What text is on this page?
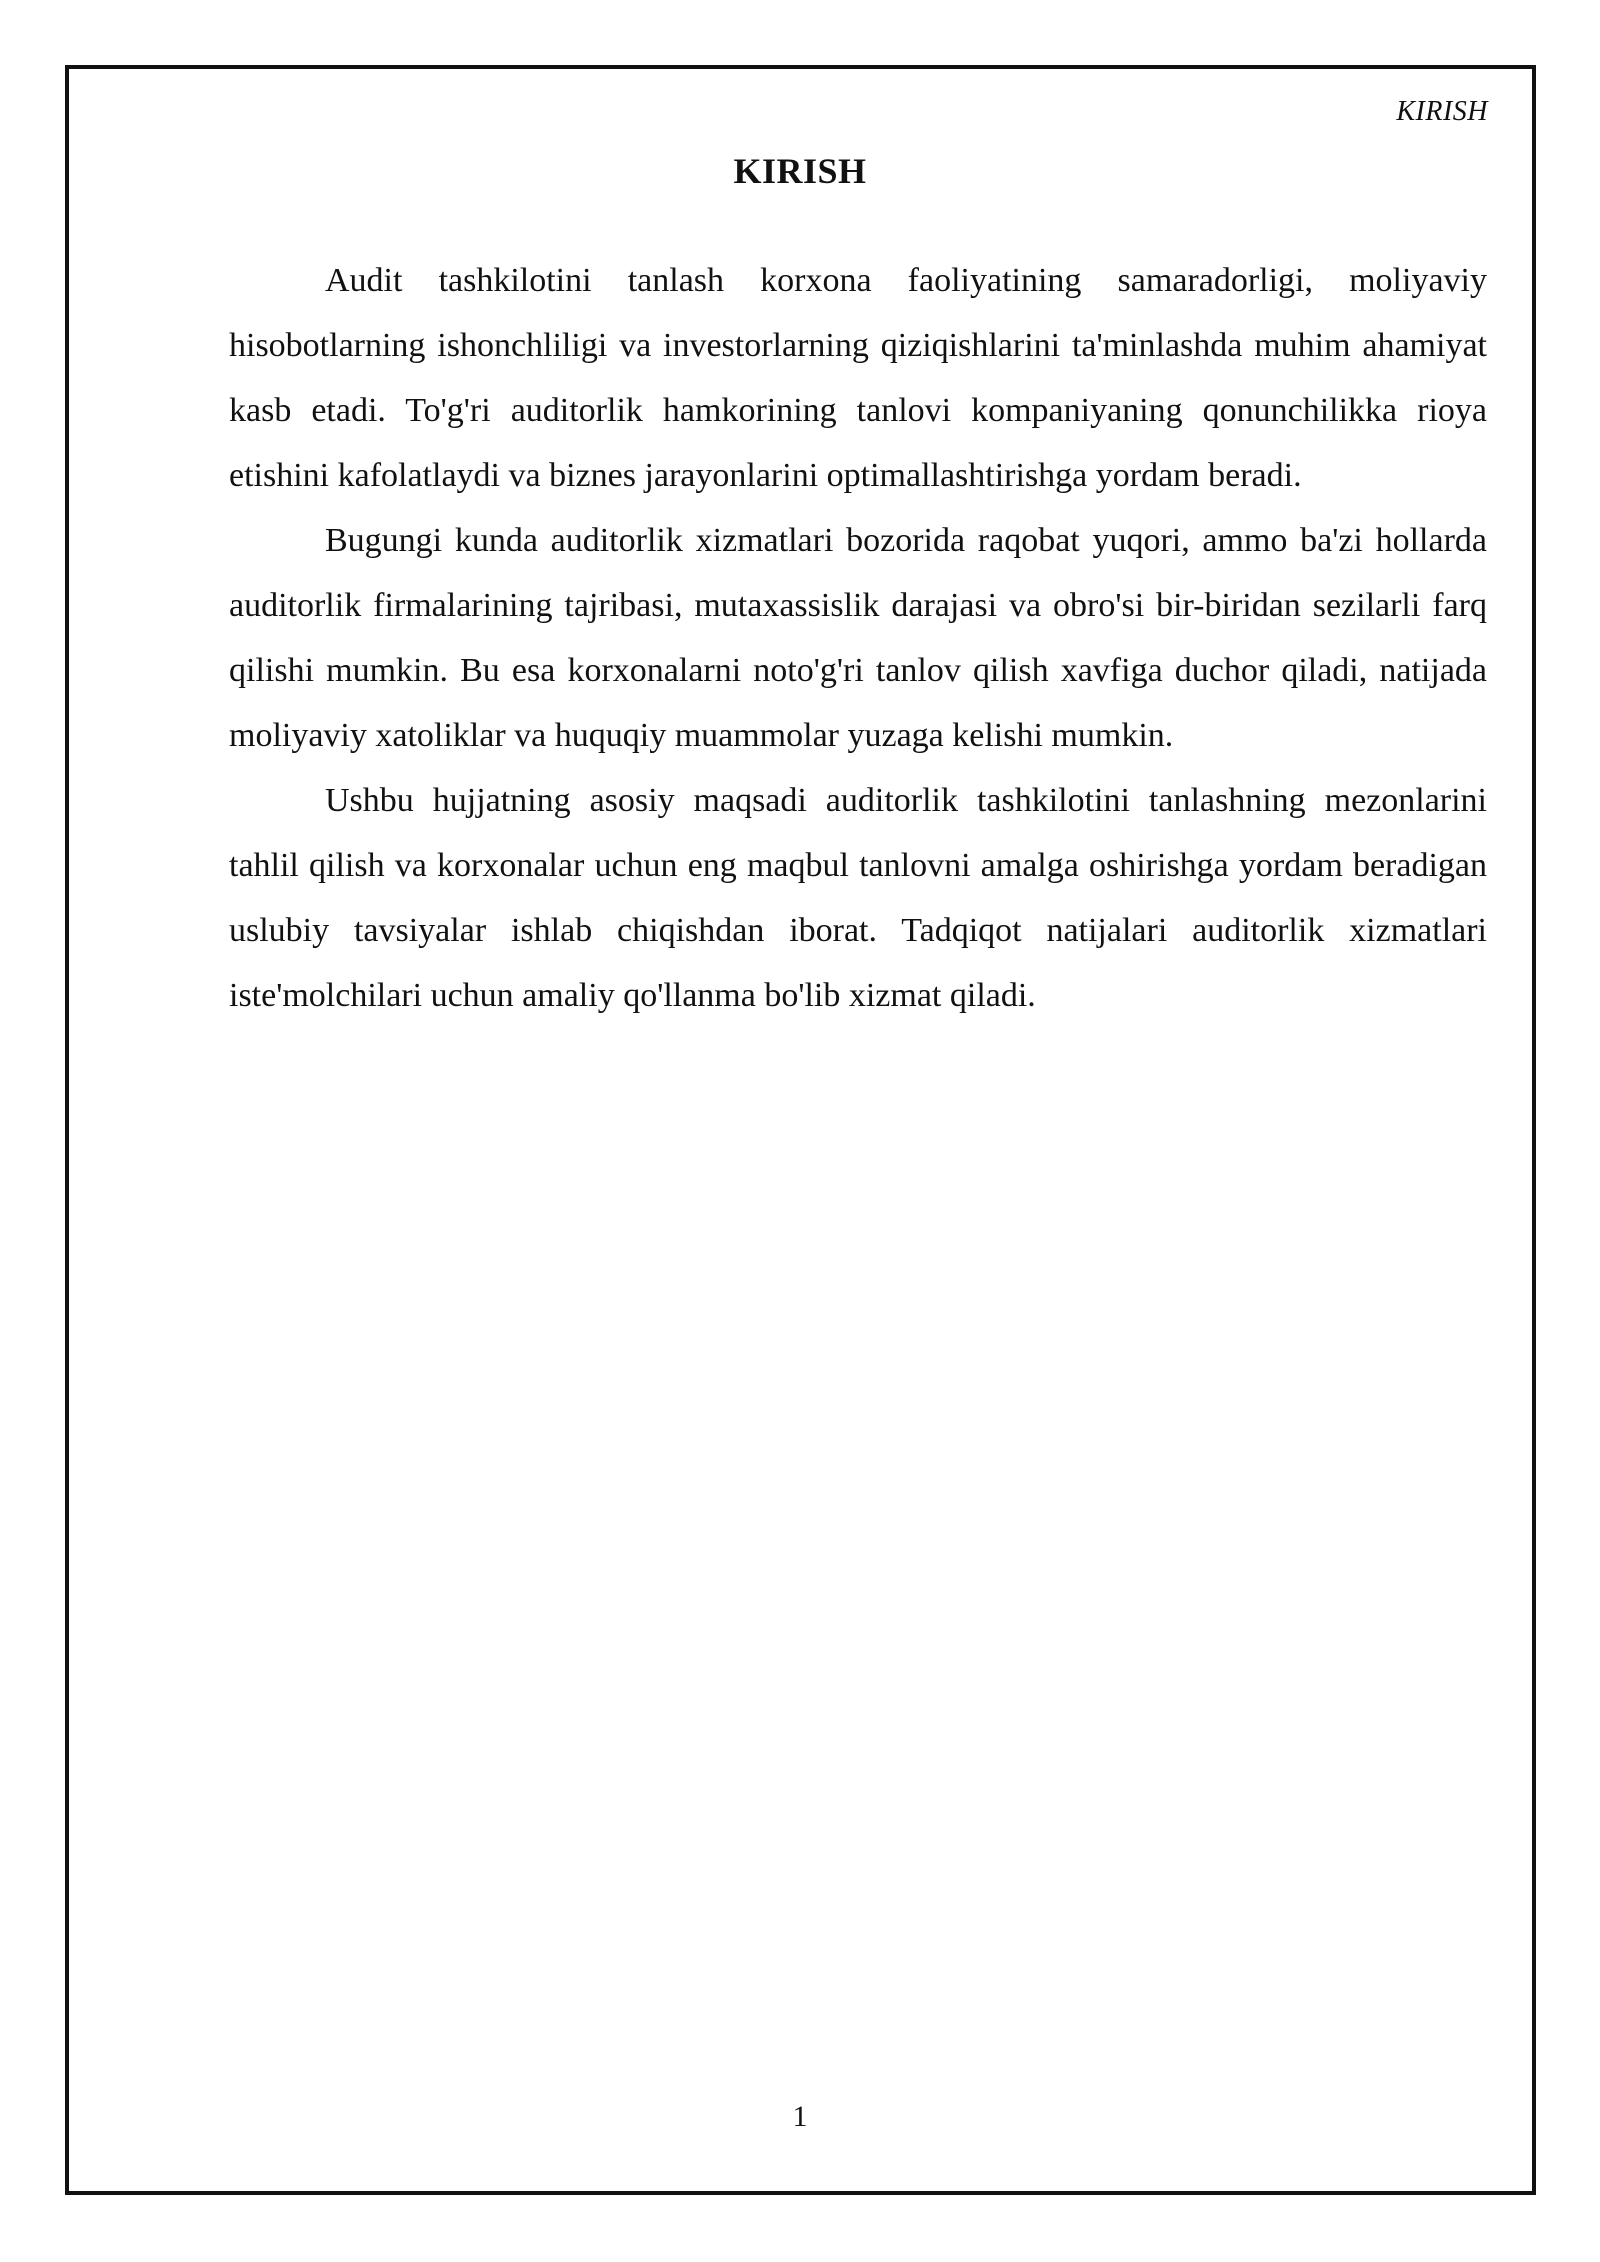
KIRISH
KIRISH

Audit tashkilotini tanlash korxona faoliyatining samaradorligi, moliyaviy hisobotlarning ishonchliligi va investorlarning qiziqishlarini ta'minlashda muhim ahamiyat kasb etadi. To'g'ri auditorlik hamkorining tanlovi kompaniyaning qonunchilikka rioya etishini kafolatlaydi va biznes jarayonlarini optimallashtirishga yordam beradi.

Bugungi kunda auditorlik xizmatlari bozorida raqobat yuqori, ammo ba'zi hollarda auditorlik firmalarining tajribasi, mutaxassislik darajasi va obro'si bir-biridan sezilarli farq qilishi mumkin. Bu esa korxonalarni noto'g'ri tanlov qilish xavfiga duchor qiladi, natijada moliyaviy xatoliklar va huquqiy muammolar yuzaga kelishi mumkin.

Ushbu hujjatning asosiy maqsadi auditorlik tashkilotini tanlashning mezonlarini tahlil qilish va korxonalar uchun eng maqbul tanlovni amalga oshirishga yordam beradigan uslubiy tavsiyalar ishlab chiqishdan iborat. Tadqiqot natijalari auditorlik xizmatlari iste'molchilari uchun amaliy qo'llanma bo'lib xizmat qiladi.

1
